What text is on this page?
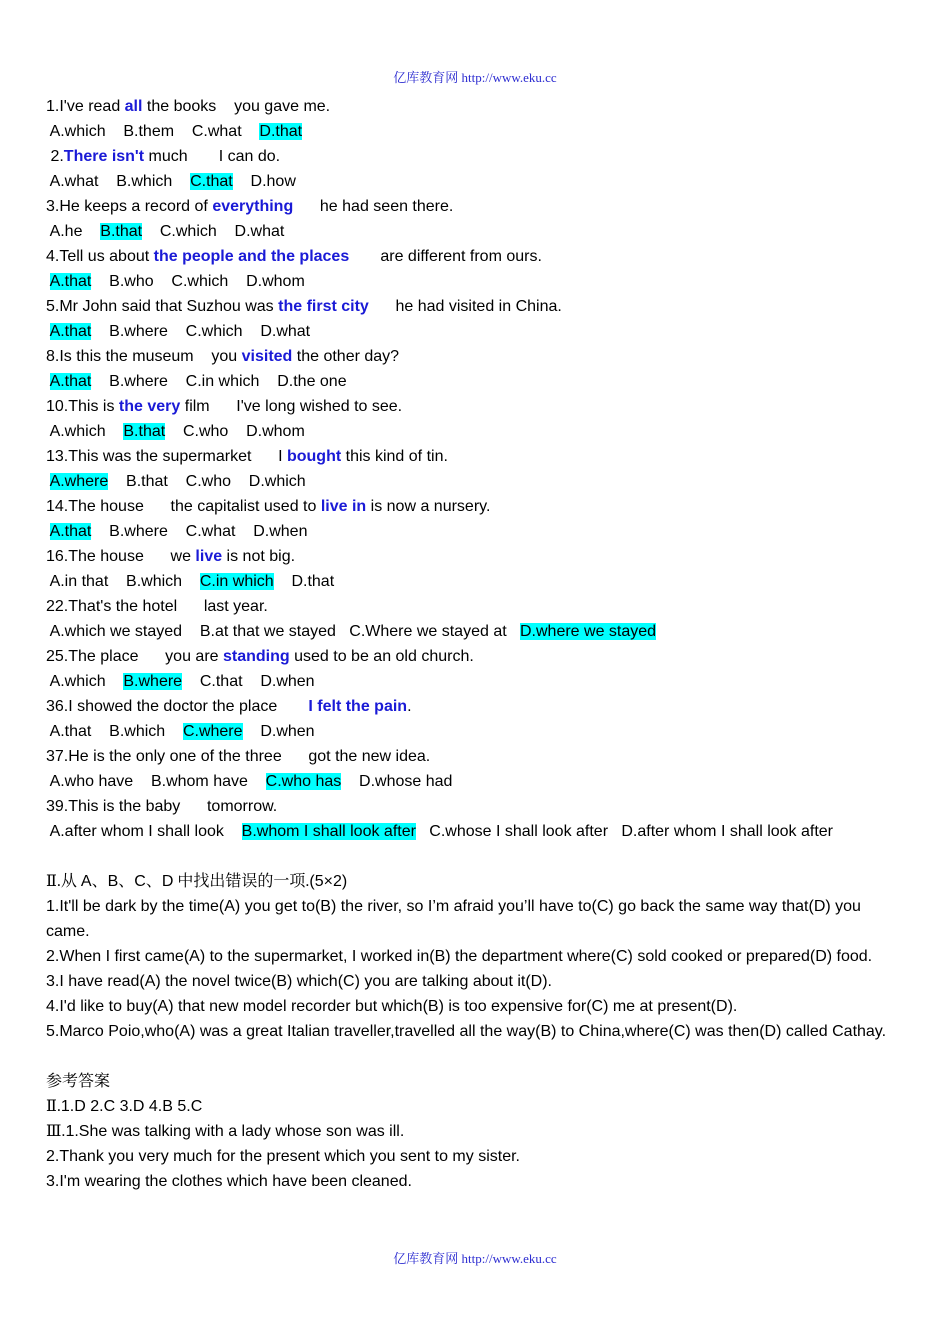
亿库教育网 http://www.eku.cc
1.I've read all the books    you gave me.
A.which    B.them    C.what    D.that
2.There isn't much       I can do.
A.what    B.which    C.that    D.how
3.He keeps a record of everything      he had seen there.
A.he    B.that    C.which    D.what
4.Tell us about the people and the places       are different from ours.
A.that    B.who    C.which    D.whom
5.Mr John said that Suzhou was the first city      he had visited in China.
A.that    B.where    C.which    D.what
8.Is this the museum    you visited the other day?
A.that    B.where    C.in which    D.the one
10.This is the very film      I've long wished to see.
A.which    B.that    C.who    D.whom
13.This was the supermarket      I bought this kind of tin.
A.where    B.that    C.who    D.which
14.The house      the capitalist used to live in is now a nursery.
A.that    B.where    C.what    D.when
16.The house      we live is not big.
A.in that    B.which    C.in which    D.that
22.That's the hotel      last year.
A.which we stayed    B.at that we stayed   C.Where we stayed at   D.where we stayed
25.The place      you are standing used to be an old church.
A.which    B.where    C.that    D.when
36.I showed the doctor the place       I felt the pain.
A.that    B.which    C.where    D.when
37.He is the only one of the three      got the new idea.
A.who have    B.whom have    C.who has    D.whose had
39.This is the baby      tomorrow.
A.after whom I shall look    B.whom I shall look after   C.whose I shall look after   D.after whom I shall look after
Ⅱ.从 A、B、C、D 中找出错误的一项.(5×2)
1.It'll be dark by the time(A) you get to(B) the river, so I’m afraid you’ll have to(C) go back the same way that(D) you came.
2.When I first came(A) to the supermarket, I worked in(B) the department where(C) sold cooked or prepared(D) food.
3.I have read(A) the novel twice(B) which(C) you are talking about it(D).
4.I'd like to buy(A) that new model recorder but which(B) is too expensive for(C) me at present(D).
5.Marco Poio,who(A) was a great Italian traveller,travelled all the way(B) to China,where(C) was then(D) called Cathay.
参考答案
Ⅱ.1.D 2.C 3.D 4.B 5.C
Ⅲ.1.She was talking with a lady whose son was ill.
2.Thank you very much for the present which you sent to my sister.
3.I'm wearing the clothes which have been cleaned.
亿库教育网 http://www.eku.cc
